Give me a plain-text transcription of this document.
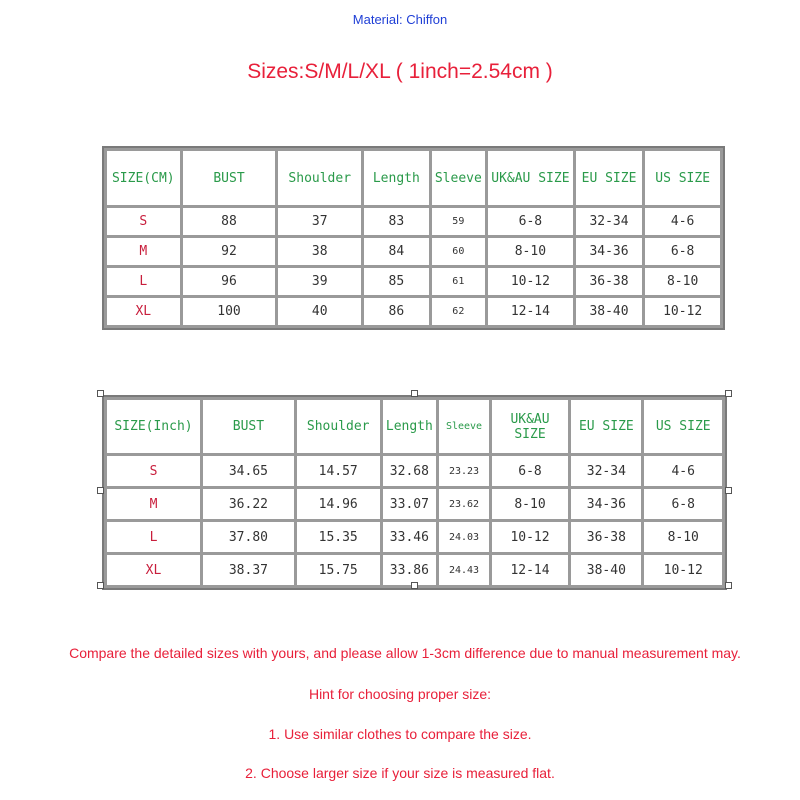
Material: Chiffon
Sizes:S/M/L/XL ( 1inch=2.54cm )
SIZE(CM)	BUST	Shoulder	Length	Sleeve	UK&AU SIZE	EU SIZE	US SIZE
S	88	37	83	59	6-8	32-34	4-6
M	92	38	84	60	8-10	34-36	6-8
L	96	39	85	61	10-12	36-38	8-10
XL	100	40	86	62	12-14	38-40	10-12
SIZE(Inch)	BUST	Shoulder	Length	Sleeve	UK&AU SIZE	EU SIZE	US SIZE
S	34.65	14.57	32.68	23.23	6-8	32-34	4-6
M	36.22	14.96	33.07	23.62	8-10	34-36	6-8
L	37.80	15.35	33.46	24.03	10-12	36-38	8-10
XL	38.37	15.75	33.86	24.43	12-14	38-40	10-12
Compare the detailed sizes with yours, and please allow 1-3cm difference due to manual measurement may.
Hint for choosing proper size:
1. Use similar clothes to compare the size.
2. Choose larger size if your size is measured flat.
